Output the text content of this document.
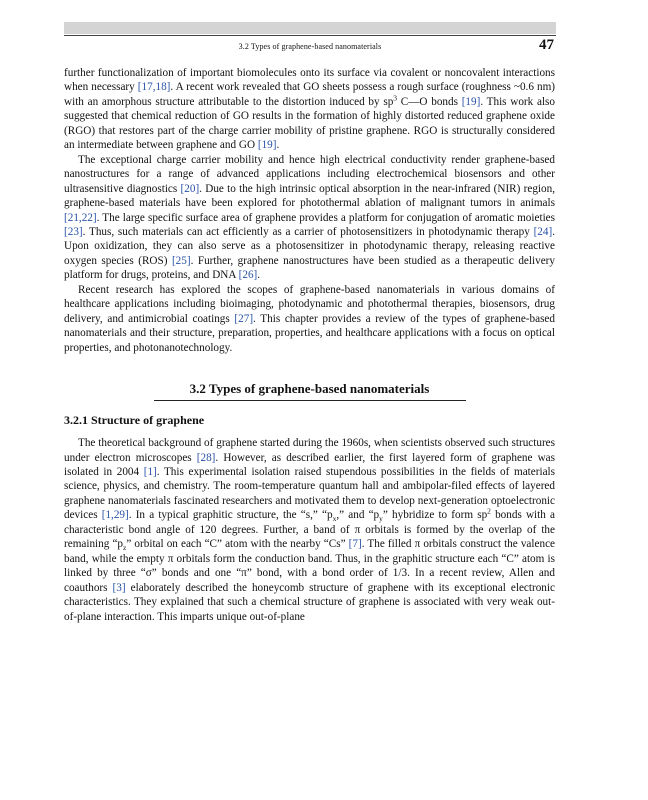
3.2 Types of graphene-based nanomaterials	47

further functionalization of important biomolecules onto its surface via covalent or noncovalent interactions when necessary [17,18]. A recent work revealed that GO sheets possess a rough surface (roughness ~0.6 nm) with an amorphous structure attributable to the distortion induced by $sp^3$ C—O bonds [19]. This work also suggested that chemical reduction of GO results in the formation of highly distorted reduced graphene oxide (RGO) that restores part of the charge carrier mobility of pristine graphene. RGO is structurally considered an intermediate between graphene and GO [19].

The exceptional charge carrier mobility and hence high electrical conductivity render graphene-based nanostructures for a range of advanced applications including electrochemical biosensors and other ultrasensitive diagnostics [20]. Due to the high intrinsic optical absorption in the near-infrared (NIR) region, graphene-based materials have been explored for photothermal ablation of malignant tumors in animals [21,22]. The large specific surface area of graphene provides a platform for conjugation of aromatic moieties [23]. Thus, such materials can act efficiently as a carrier of photosensitizers in photodynamic therapy [24]. Upon oxidization, they can also serve as a photosensitizer in photodynamic therapy, releasing reactive oxygen species (ROS) [25]. Further, graphene nanostructures have been studied as a therapeutic delivery platform for drugs, proteins, and DNA [26].

Recent research has explored the scopes of graphene-based nanomaterials in various domains of healthcare applications including bioimaging, photodynamic and photothermal therapies, biosensors, drug delivery, and antimicrobial coatings [27]. This chapter provides a review of the types of graphene-based nanomaterials and their structure, preparation, properties, and healthcare applications with a focus on optical properties, and photonanotechnology.

3.2 Types of graphene-based nanomaterials
3.2.1 Structure of graphene

The theoretical background of graphene started during the 1960s, when scientists observed such structures under electron microscopes [28]. However, as described earlier, the first layered form of graphene was isolated in 2004 [1]. This experimental isolation raised stupendous possibilities in the fields of materials science, physics, and chemistry. The room-temperature quantum hall and ambipolar-filed effects of layered graphene nanomaterials fascinated researchers and motivated them to develop next-generation optoelectronic devices [1,29]. In a typical graphitic structure, the “s,” “$p_x$,” and “$p_y$” hybridize to form $sp^2$ bonds with a characteristic bond angle of 120 degrees. Further, a band of π orbitals is formed by the overlap of the remaining “$p_z$” orbital on each “C” atom with the nearby “Cs” [7]. The filled π orbitals construct the valence band, while the empty π orbitals form the conduction band. Thus, in the graphitic structure each “C” atom is linked by three “σ” bonds and one “π” bond, with a bond order of 1/3. In a recent review, Allen and coauthors [3] elaborately described the honeycomb structure of graphene with its exceptional electronic characteristics. They explained that such a chemical structure of graphene is associated with very weak out-of-plane interaction. This imparts unique out-of-plane
